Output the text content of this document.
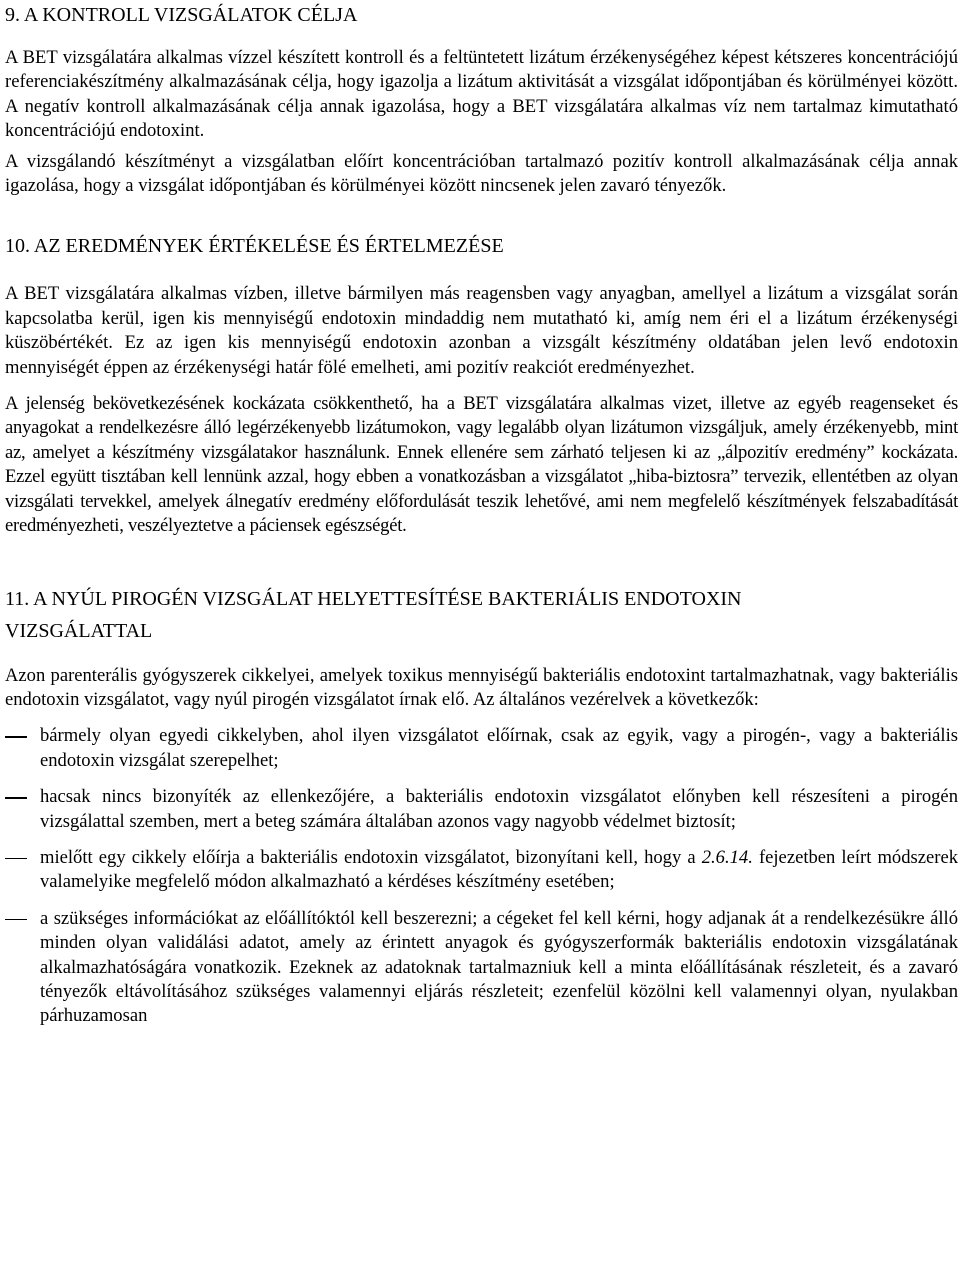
9. A KONTROLL VIZSGÁLATOK CÉLJA

A BET vizsgálatára alkalmas vízzel készített kontroll és a feltüntetett lizátum érzékenységéhez képest kétszeres koncentrációjú referenciakészítmény alkalmazásának célja, hogy igazolja a lizátum aktivitását a vizsgálat időpontjában és körülményei között. A negatív kontroll alkalmazásának célja annak igazolása, hogy a BET vizsgálatára alkalmas víz nem tartalmaz kimutatható koncentrációjú endotoxint.

A vizsgálandó készítményt a vizsgálatban előírt koncentrációban tartalmazó pozitív kontroll alkalmazásának célja annak igazolása, hogy a vizsgálat időpontjában és körülményei között nincsenek jelen zavaró tényezők.

10. AZ EREDMÉNYEK ÉRTÉKELÉSE ÉS ÉRTELMEZÉSE

A BET vizsgálatára alkalmas vízben, illetve bármilyen más reagensben vagy anyagban, amellyel a lizátum a vizsgálat során kapcsolatba kerül, igen kis mennyiségű endotoxin mindaddig nem mutatható ki, amíg nem éri el a lizátum érzékenységi küszöbértékét. Ez az igen kis mennyiségű endotoxin azonban a vizsgált készítmény oldatában jelen levő endotoxin mennyiségét éppen az érzékenységi határ fölé emelheti, ami pozitív reakciót eredményezhet.

A jelenség bekövetkezésének kockázata csökkenthető, ha a BET vizsgálatára alkalmas vizet, illetve az egyéb reagenseket és anyagokat a rendelkezésre álló legérzékenyebb lizátumokon, vagy legalább olyan lizátumon vizsgáljuk, amely érzékenyebb, mint az, amelyet a készítmény vizsgálatakor használunk. Ennek ellenére sem zárható teljesen ki az „álpozitív eredmény” kockázata. Ezzel együtt tisztában kell lennünk azzal, hogy ebben a vonatkozásban a vizsgálatot „hiba-biztosra” tervezik, ellentétben az olyan vizsgálati tervekkel, amelyek álnegatív eredmény előfordulását teszik lehetővé, ami nem megfelelő készítmények felszabadítását eredményezheti, veszélyeztetve a páciensek egészségét.

11. A NYÚL PIROGÉN VIZSGÁLAT HELYETTESÍTÉSE BAKTERIÁLIS ENDOTOXIN
VIZSGÁLATTAL

Azon parenterális gyógyszerek cikkelyei, amelyek toxikus mennyiségű bakteriális endotoxint tartalmazhatnak, vagy bakteriális endotoxin vizsgálatot, vagy nyúl pirogén vizsgálatot írnak elő. Az általános vezérelvek a következők:

bármely olyan egyedi cikkelyben, ahol ilyen vizsgálatot előírnak, csak az egyik, vagy a pirogén-, vagy a bakteriális endotoxin vizsgálat szerepelhet;
hacsak nincs bizonyíték az ellenkezőjére, a bakteriális endotoxin vizsgálatot előnyben kell részesíteni a pirogén vizsgálattal szemben, mert a beteg számára általában azonos vagy nagyobb védelmet biztosít;
mielőtt egy cikkely előírja a bakteriális endotoxin vizsgálatot, bizonyítani kell, hogy a 2.6.14. fejezetben leírt módszerek valamelyike megfelelő módon alkalmazható a kérdéses készítmény esetében;
a szükséges információkat az előállítóktól kell beszerezni; a cégeket fel kell kérni, hogy adjanak át a rendelkezésükre álló minden olyan validálási adatot, amely az érintett anyagok és gyógyszerformák bakteriális endotoxin vizsgálatának alkalmazhatóságára vonatkozik. Ezeknek az adatoknak tartalmazniuk kell a minta előállításának részleteit, és a zavaró tényezők eltávolításához szükséges valamennyi eljárás részleteit; ezenfelül közölni kell valamennyi olyan, nyulakban párhuzamosan
